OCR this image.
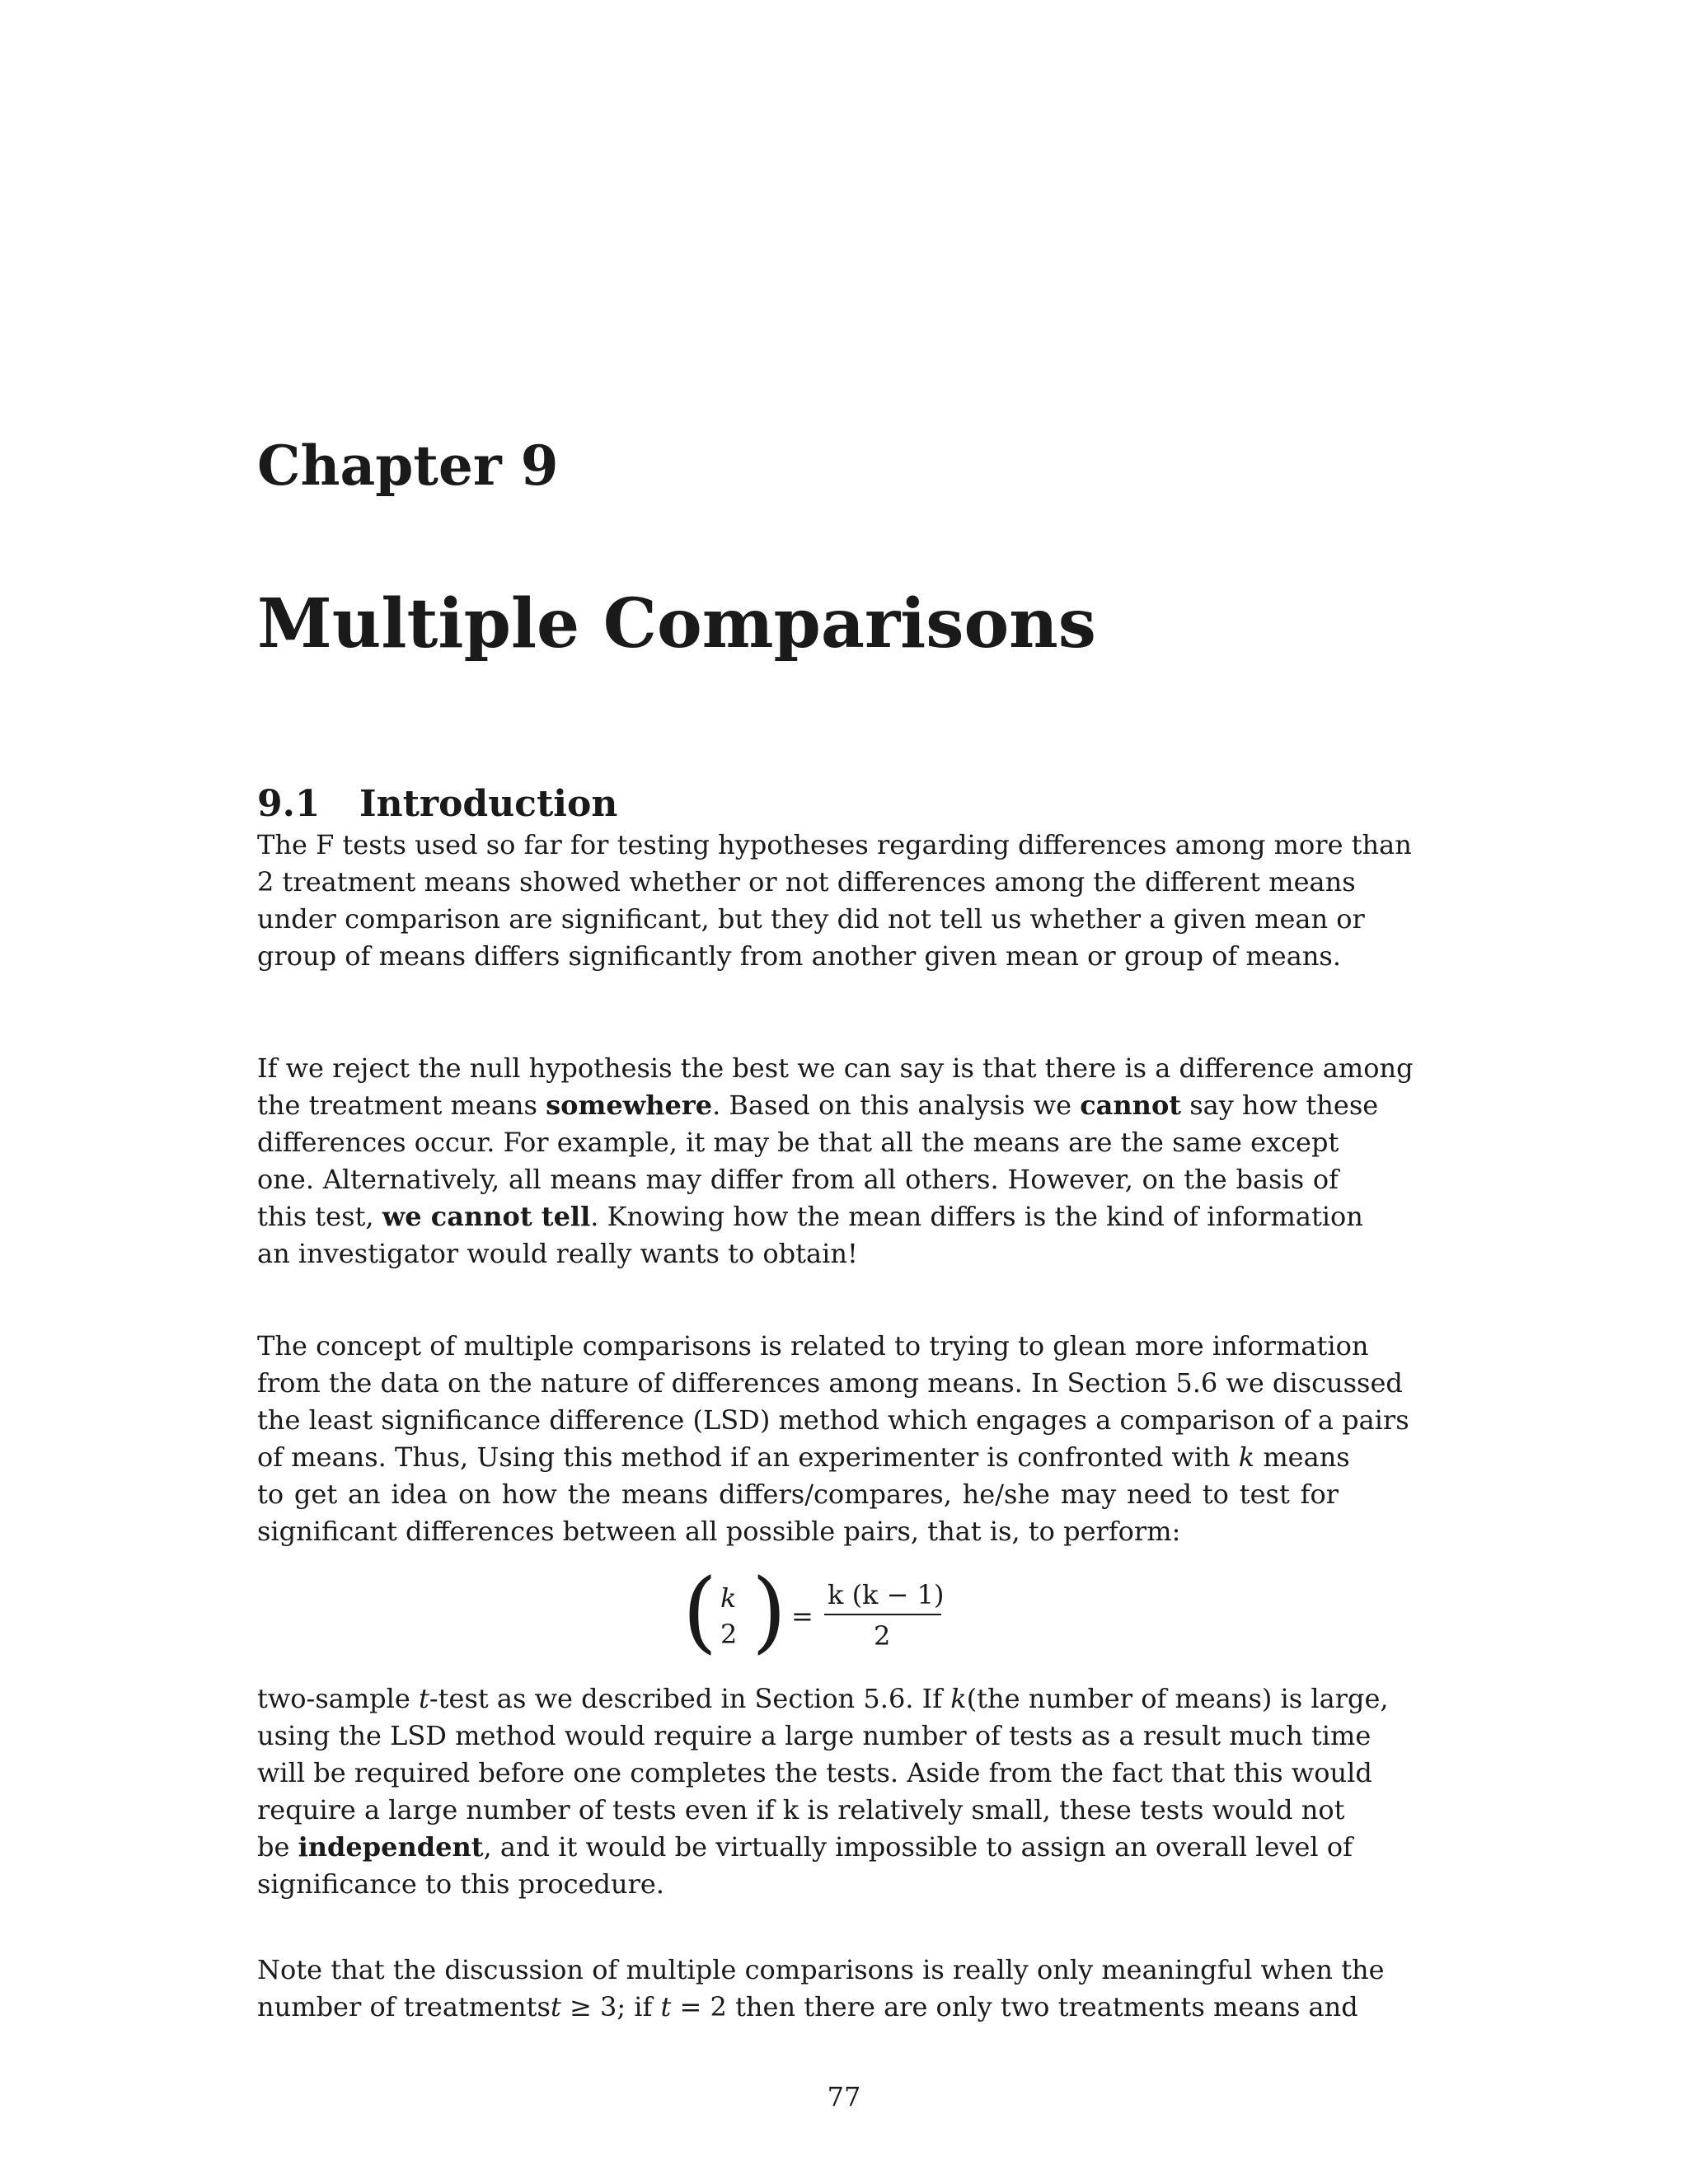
Chapter 9
Multiple Comparisons
9.1 Introduction
The F tests used so far for testing hypotheses regarding differences among more than
2 treatment means showed whether or not differences among the different means
under comparison are significant, but they did not tell us whether a given mean or
group of means differs significantly from another given mean or group of means.
If we reject the null hypothesis the best we can say is that there is a difference among
the treatment means somewhere. Based on this analysis we cannot say how these
differences occur. For example, it may be that all the means are the same except
one. Alternatively, all means may differ from all others. However, on the basis of
this test, we cannot tell. Knowing how the mean differs is the kind of information
an investigator would really wants to obtain!
The concept of multiple comparisons is related to trying to glean more information
from the data on the nature of differences among means. In Section 5.6 we discussed
the least significance difference (LSD) method which engages a comparison of a pairs
of means. Thus, Using this method if an experimenter is confronted with k means
to get an idea on how the means differs/compares, he/she may need to test for
significant differences between all possible pairs, that is, to perform:
( k
2 ) =
k (k − 1)
2
two-sample t-test as we described in Section 5.6. If k(the number of means) is large,
using the LSD method would require a large number of tests as a result much time
will be required before one completes the tests. Aside from the fact that this would
require a large number of tests even if k is relatively small, these tests would not
be independent, and it would be virtually impossible to assign an overall level of
significance to this procedure.
Note that the discussion of multiple comparisons is really only meaningful when the
number of treatmentst ≥ 3; if t = 2 then there are only two treatments means and
77
